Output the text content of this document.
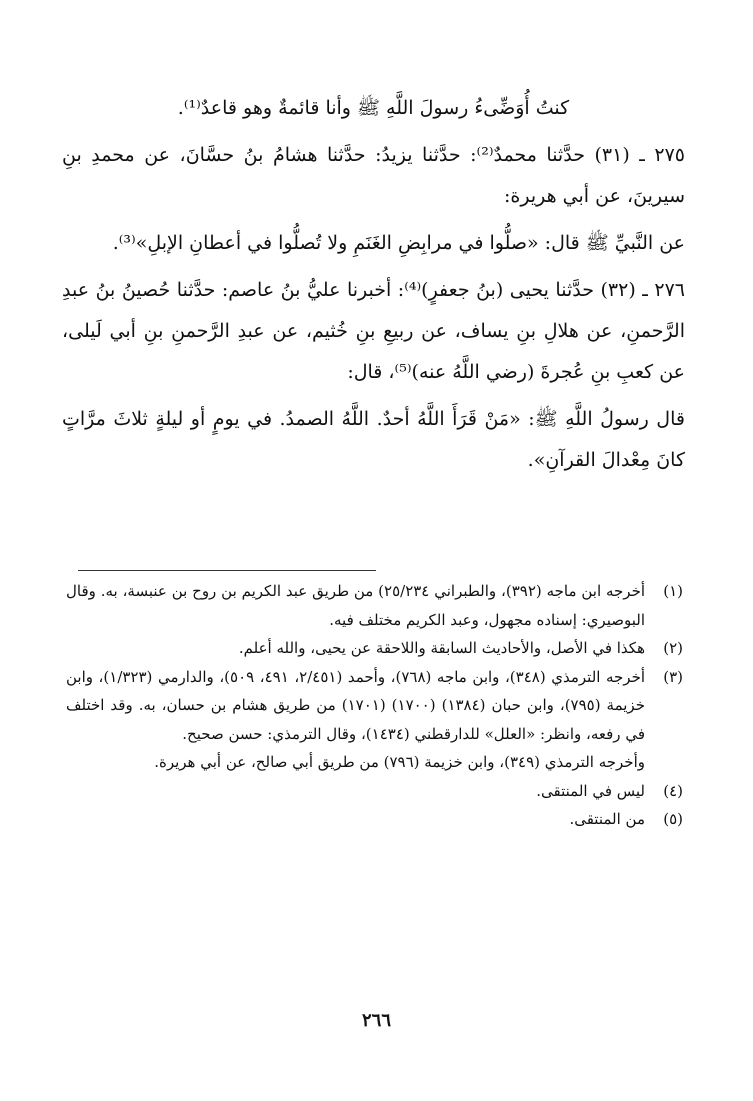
كنتُ أُوَضِّىءُ رسولَ اللَّهِ ﷺ وأنا قائمةٌ وهو قاعدٌ⁽¹⁾.

٢٧٥ ـ (٣١) حدَّثنا محمدٌ⁽²⁾: حدَّثنا يزيدُ: حدَّثنا هشامُ بنُ حسَّانَ، عن محمدِ بنِ سيرينَ، عن أبي هريرة:

عن النَّبيِّ ﷺ قال: «صلُّوا في مرابِضِ الغَنَمِ ولا تُصلُّوا في أعطانِ الإبلِ»⁽³⁾.

٢٧٦ ـ (٣٢) حدَّثنا يحيى (بنُ جعفرٍ)⁽⁴⁾: أخبرنا عليُّ بنُ عاصم: حدَّثنا حُصينُ بنُ عبدِ الرَّحمنِ، عن هلالِ بنِ يساف، عن ربيعِ بنِ خُثيم، عن عبدِ الرَّحمنِ بنِ أبي لَيلى، عن كعبِ بنِ عُجرةَ (رضي اللَّهُ عنه)⁽⁵⁾، قال:

قال رسولُ اللَّهِ ﷺ: «مَنْ قَرَأَ اللَّهُ أحدٌ. اللَّهُ الصمدُ. في يومٍ أو ليلةٍ ثلاثَ مرَّاتٍ كانَ مِعْدالَ القرآنِ».

(١)
أخرجه ابن ماجه (٣٩٢)، والطبراني ٢٥/٢٣٤) من طريق عبد الكريم بن روح بن عنبسة، به. وقال البوصيري: إسناده مجهول، وعبد الكريم مختلف فيه.

(٢)
هكذا في الأصل، والأحاديث السابقة واللاحقة عن يحيى، والله أعلم.

(٣)
أخرجه الترمذي (٣٤٨)، وابن ماجه (٧٦٨)، وأحمد (٢/٤٥١، ٤٩١، ٥٠٩)، والدارمي (١/٣٢٣)، وابن خزيمة (٧٩٥)، وابن حبان (١٣٨٤) (١٧٠٠) (١٧٠١) من طريق هشام بن حسان، به. وقد اختلف في رفعه، وانظر: «العلل» للدارقطني (١٤٣٤)، وقال الترمذي: حسن صحيح.

وأخرجه الترمذي (٣٤٩)، وابن خزيمة (٧٩٦) من طريق أبي صالح، عن أبي هريرة.

(٤)
ليس في المنتقى.

(٥)
من المنتقى.

٢٦٦
